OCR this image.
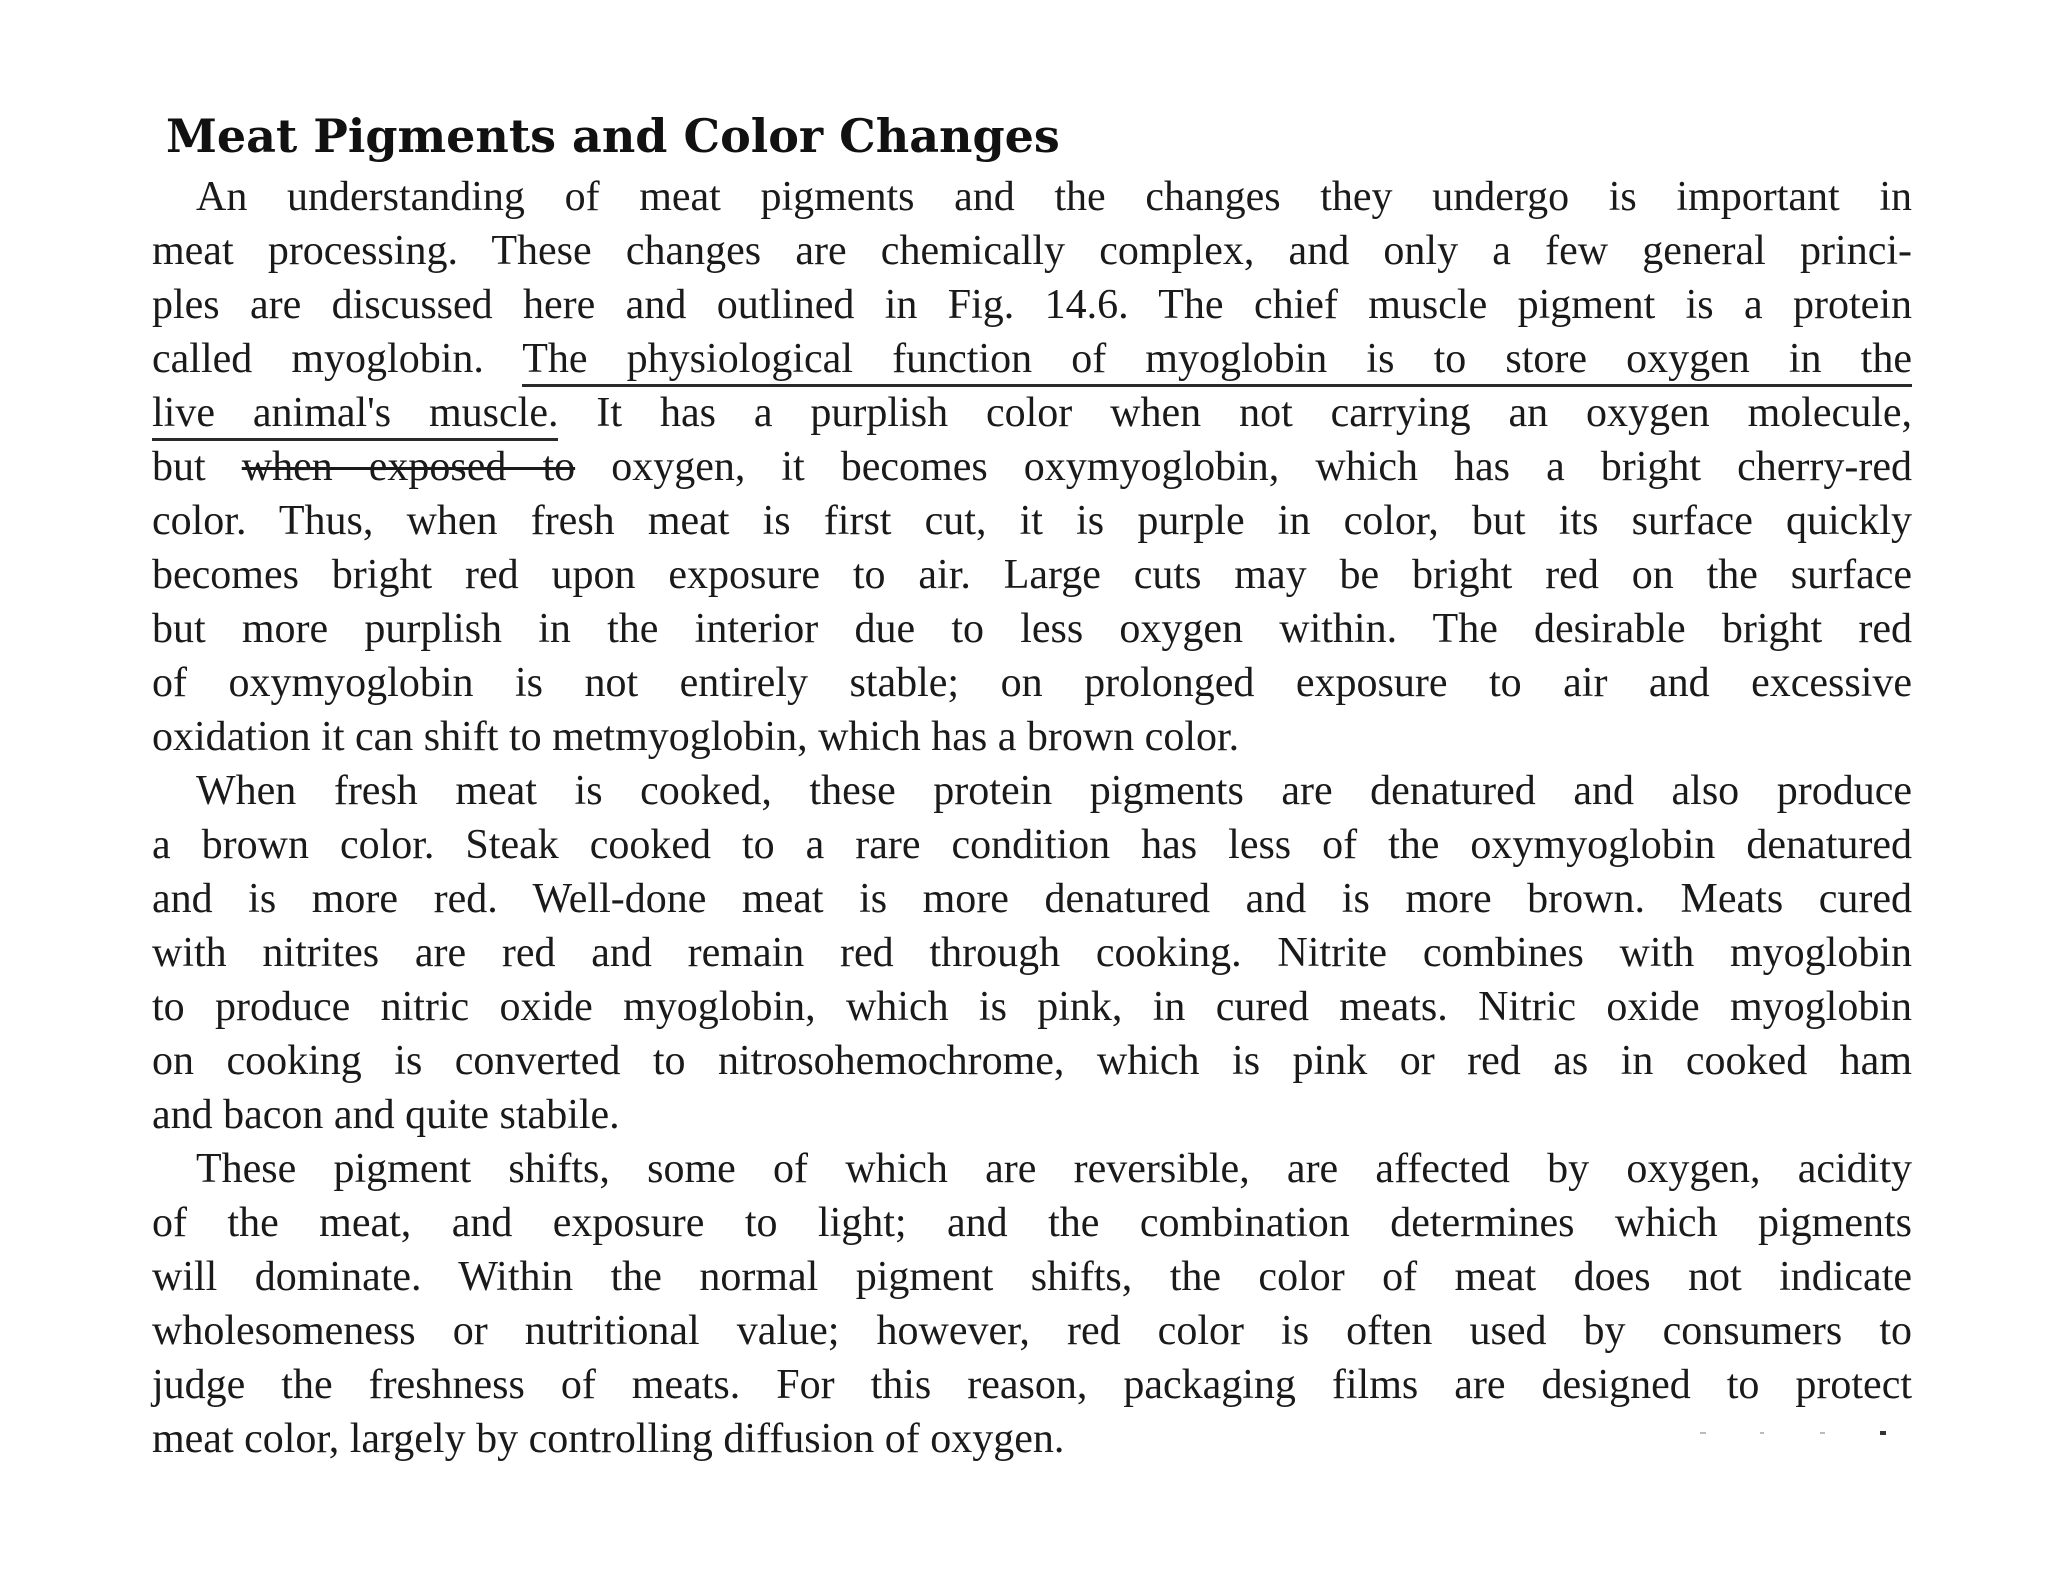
Meat Pigments and Color Changes
An understanding of meat pigments and the changes they undergo is important in
meat processing. These changes are chemically complex, and only a few general princi-
ples are discussed here and outlined in Fig. 14.6. The chief muscle pigment is a protein
called myoglobin. The physiological function of myoglobin is to store oxygen in the
live animal's muscle. It has a purplish color when not carrying an oxygen molecule,
but when exposed to oxygen, it becomes oxymyoglobin, which has a bright cherry-red
color. Thus, when fresh meat is first cut, it is purple in color, but its surface quickly
becomes bright red upon exposure to air. Large cuts may be bright red on the surface
but more purplish in the interior due to less oxygen within. The desirable bright red
of oxymyoglobin is not entirely stable; on prolonged exposure to air and excessive
oxidation it can shift to metmyoglobin, which has a brown color.
When fresh meat is cooked, these protein pigments are denatured and also produce
a brown color. Steak cooked to a rare condition has less of the oxymyoglobin denatured
and is more red. Well-done meat is more denatured and is more brown. Meats cured
with nitrites are red and remain red through cooking. Nitrite combines with myoglobin
to produce nitric oxide myoglobin, which is pink, in cured meats. Nitric oxide myoglobin
on cooking is converted to nitrosohemochrome, which is pink or red as in cooked ham
and bacon and quite stabile.
These pigment shifts, some of which are reversible, are affected by oxygen, acidity
of the meat, and exposure to light; and the combination determines which pigments
will dominate. Within the normal pigment shifts, the color of meat does not indicate
wholesomeness or nutritional value; however, red color is often used by consumers to
judge the freshness of meats. For this reason, packaging films are designed to protect
meat color, largely by controlling diffusion of oxygen.
